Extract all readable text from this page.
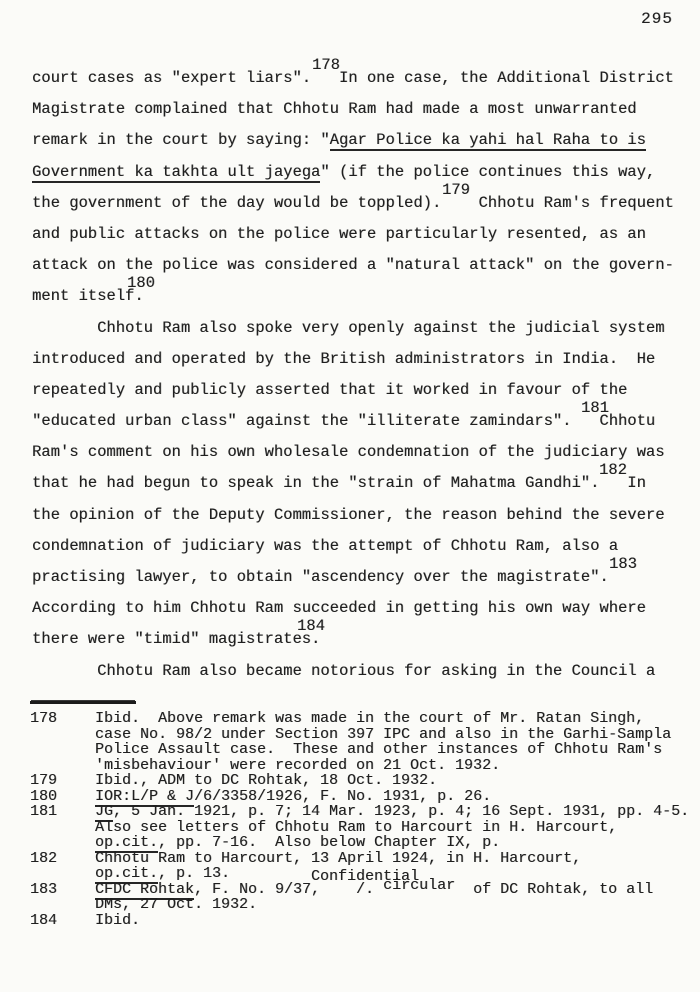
295
178
court cases as "expert liars".   In one case, the Additional District
Magistrate complained that Chhotu Ram had made a most unwarranted
remark in the court by saying: "Agar Police ka yahi hal Raha to is
Government ka takhta ult jayega" (if the police continues this way,
179
the government of the day would be toppled).    Chhotu Ram's frequent
and public attacks on the police were particularly resented, as an
attack on the police was considered a "natural attack" on the govern-
180
ment itself.
Chhotu Ram also spoke very openly against the judicial system
introduced and operated by the British administrators in India.  He
repeatedly and publicly asserted that it worked in favour of the
181
"educated urban class" against the "illiterate zamindars".   Chhotu
Ram's comment on his own wholesale condemnation of the judiciary was
182
that he had begun to speak in the "strain of Mahatma Gandhi".   In
the opinion of the Deputy Commissioner, the reason behind the severe
condemnation of judiciary was the attempt of Chhotu Ram, also a
183
practising lawyer, to obtain "ascendency over the magistrate".
According to him Chhotu Ram succeeded in getting his own way where
184
there were "timid" magistrates.
Chhotu Ram also became notorious for asking in the Council a
178	Ibid.  Above remark was made in the court of Mr. Ratan Singh,
case No. 98/2 under Section 397 IPC and also in the Garhi-Sampla
Police Assault case.  These and other instances of Chhotu Ram's
'misbehaviour' were recorded on 21 Oct. 1932.
179	Ibid., ADM to DC Rohtak, 18 Oct. 1932.
180	IOR:L/P & J/6/3358/1926, F. No. 1931, p. 26.
181	JG, 5 Jan. 1921, p. 7; 14 Mar. 1923, p. 4; 16 Sept. 1931, pp. 4-5.
Also see letters of Chhotu Ram to Harcourt in H. Harcourt,
op.cit., pp. 7-16.  Also below Chapter IX, p.
182	Chhotu Ram to Harcourt, 13 April 1924, in H. Harcourt,
op.cit., p. 13.         Confidential
183	CFDC Rohtak, F. No. 9/37,    /. circular  of DC Rohtak, to all
DMs, 27 Oct. 1932.
184	Ibid.
